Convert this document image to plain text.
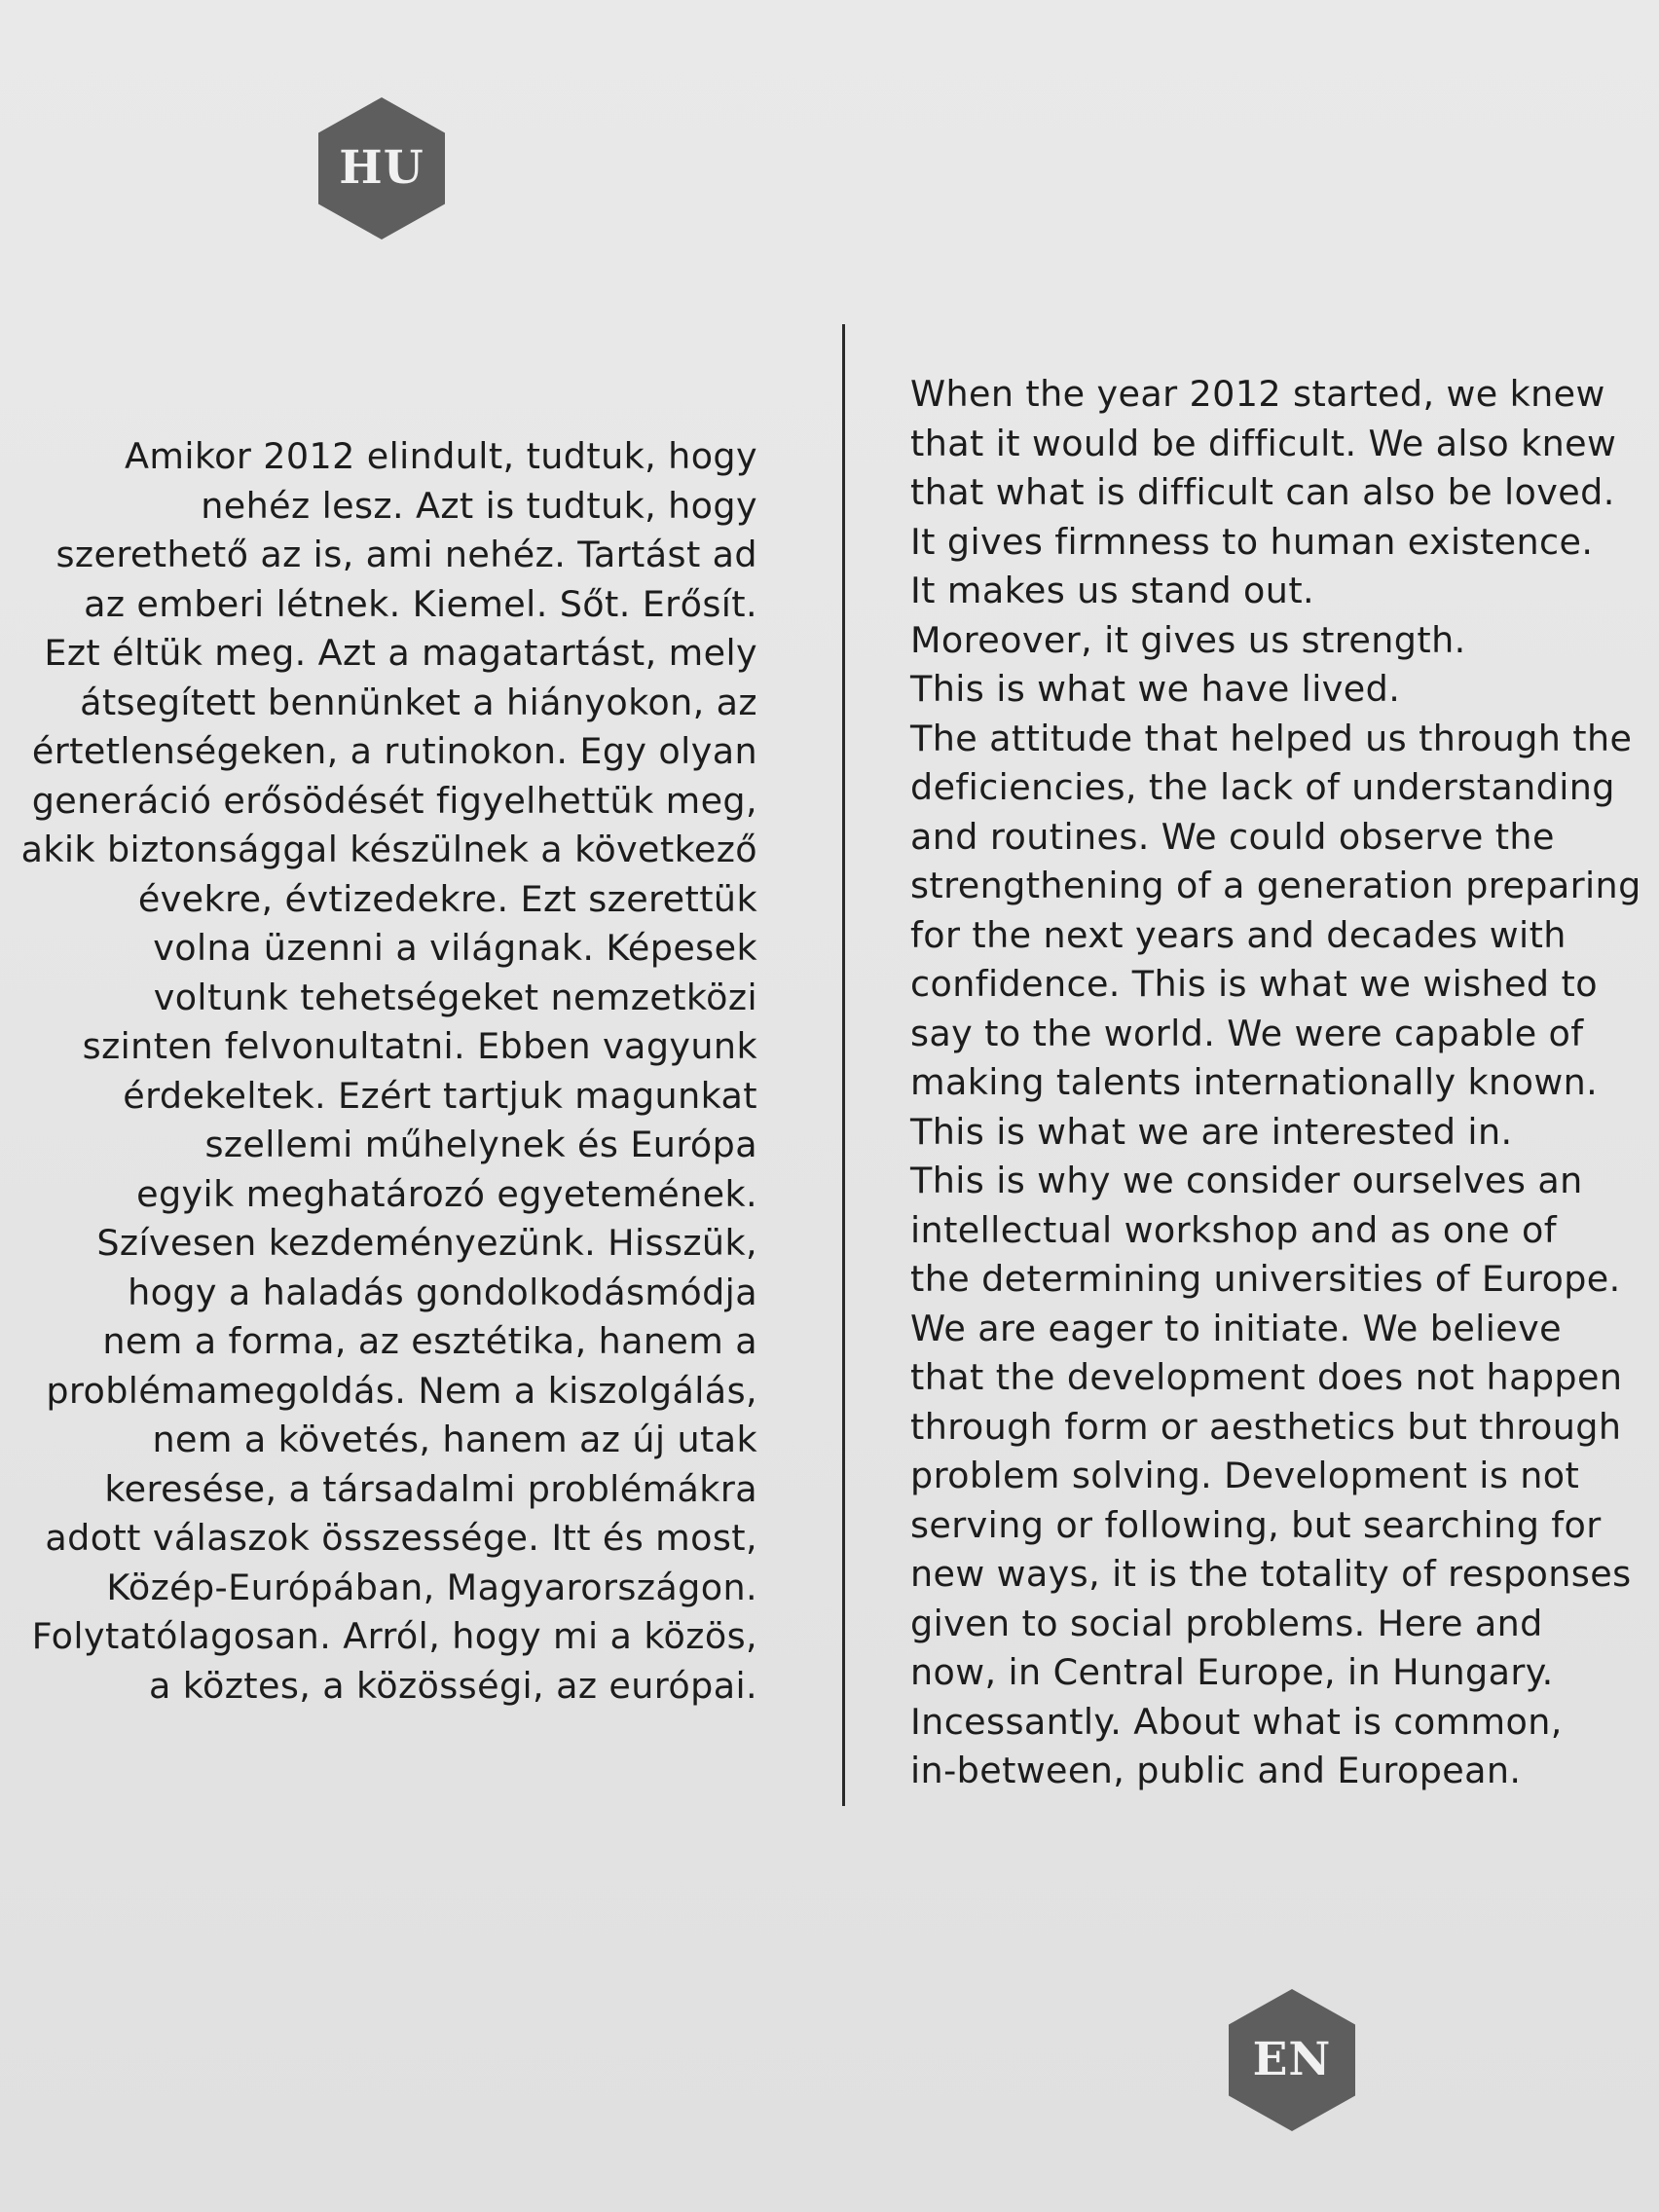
HU
Amikor 2012 elindult, tudtuk, hogy
nehéz lesz. Azt is tudtuk, hogy
szerethető az is, ami nehéz. Tartást ad
az emberi létnek. Kiemel. Sőt. Erősít.
Ezt éltük meg. Azt a magatartást, mely
átsegített bennünket a hiányokon, az
értetlenségeken, a rutinokon. Egy olyan
generáció erősödését figyelhettük meg,
akik biztonsággal készülnek a következő
évekre, évtizedekre. Ezt szerettük
volna üzenni a világnak. Képesek
voltunk tehetségeket nemzetközi
szinten felvonultatni. Ebben vagyunk
érdekeltek. Ezért tartjuk magunkat
szellemi műhelynek és Európa
egyik meghatározó egyetemének.
Szívesen kezdeményezünk. Hisszük,
hogy a haladás gondolkodásmódja
nem a forma, az esztétika, hanem a
problémamegoldás. Nem a kiszolgálás,
nem a követés, hanem az új utak
keresése, a társadalmi problémákra
adott válaszok összessége. Itt és most,
Közép-Európában, Magyarországon.
Folytatólagosan. Arról, hogy mi a közös,
a köztes, a közösségi, az európai.
When the year 2012 started, we knew
that it would be difficult. We also knew
that what is difficult can also be loved.
It gives firmness to human existence.
It makes us stand out.
Moreover, it gives us strength.
This is what we have lived.
The attitude that helped us through the
deficiencies, the lack of understanding
and routines. We could observe the
strengthening of a generation preparing
for the next years and decades with
confidence. This is what we wished to
say to the world. We were capable of
making talents internationally known.
This is what we are interested in.
This is why we consider ourselves an
intellectual workshop and as one of
the determining universities of Europe.
We are eager to initiate. We believe
that the development does not happen
through form or aesthetics but through
problem solving. Development is not
serving or following, but searching for
new ways, it is the totality of responses
given to social problems. Here and
now, in Central Europe, in Hungary.
Incessantly. About what is common,
in-between, public and European.
EN
